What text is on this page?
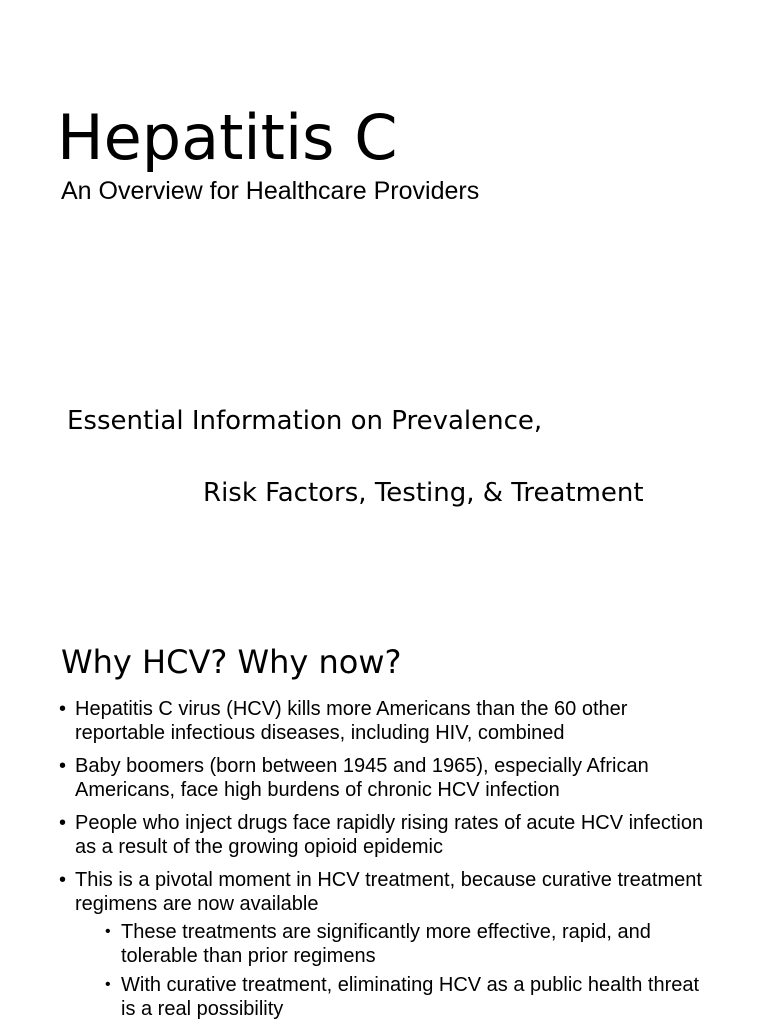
Hepatitis C

An Overview for Healthcare Providers

Essential Information on Prevalence,

Risk Factors, Testing, & Treatment

Why HCV? Why now?
• Hepatitis C virus (HCV) kills more Americans than the 60 other reportable infectious diseases, including HIV, combined
• Baby boomers (born between 1945 and 1965), especially African Americans, face high burdens of chronic HCV infection
• People who inject drugs face rapidly rising rates of acute HCV infection as a result of the growing opioid epidemic
• This is a pivotal moment in HCV treatment, because curative treatment regimens are now available
• These treatments are significantly more effective, rapid, and tolerable than prior regimens
• With curative treatment, eliminating HCV as a public health threat is a real possibility
